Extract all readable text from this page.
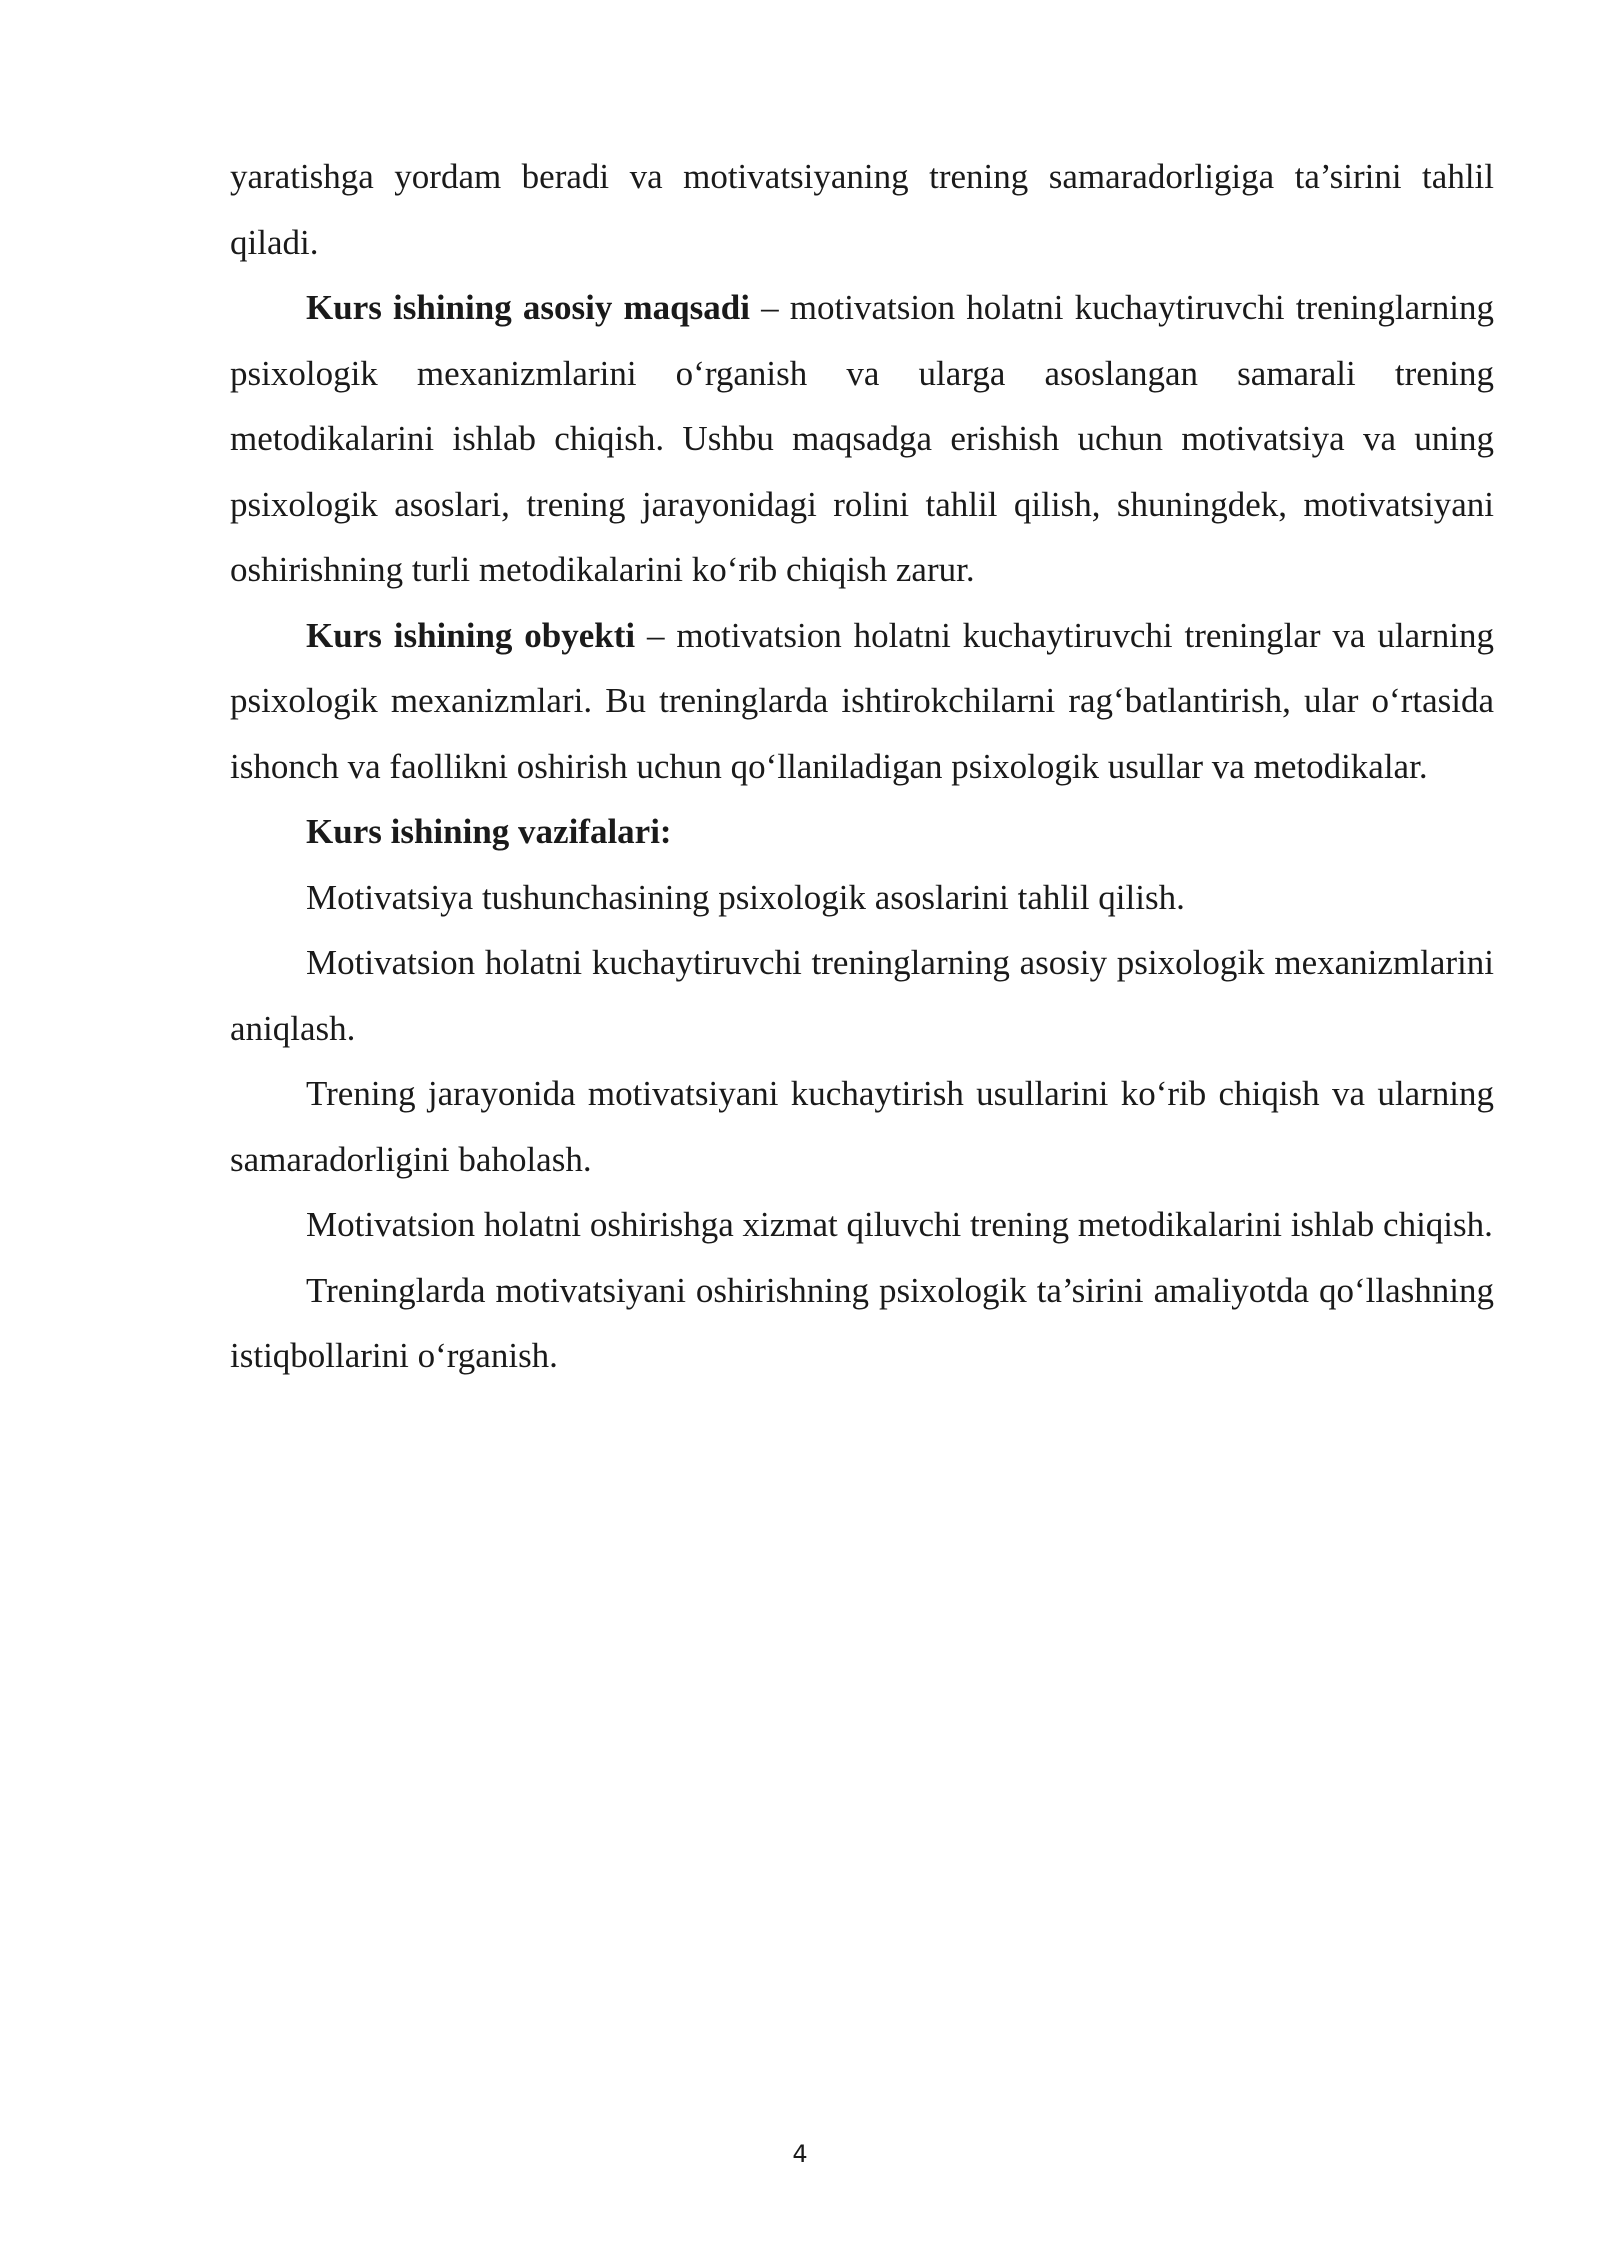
yaratishga yordam beradi va motivatsiyaning trening samaradorligiga ta’sirini tahlil qiladi.

Kurs ishining asosiy maqsadi – motivatsion holatni kuchaytiruvchi treninglarning psixologik mexanizmlarini o‘rganish va ularga asoslangan samarali trening metodikalarini ishlab chiqish. Ushbu maqsadga erishish uchun motivatsiya va uning psixologik asoslari, trening jarayonidagi rolini tahlil qilish, shuningdek, motivatsiyani oshirishning turli metodikalarini ko‘rib chiqish zarur.

Kurs ishining obyekti – motivatsion holatni kuchaytiruvchi treninglar va ularning psixologik mexanizmlari. Bu treninglarda ishtirokchilarni rag‘batlantirish, ular o‘rtasida ishonch va faollikni oshirish uchun qo‘llaniladigan psixologik usullar va metodikalar.

Kurs ishining vazifalari:

Motivatsiya tushunchasining psixologik asoslarini tahlil qilish.

Motivatsion holatni kuchaytiruvchi treninglarning asosiy psixologik mexanizmlarini aniqlash.

Trening jarayonida motivatsiyani kuchaytirish usullarini ko‘rib chiqish va ularning samaradorligini baholash.

Motivatsion holatni oshirishga xizmat qiluvchi trening metodikalarini ishlab chiqish.

Treninglarda motivatsiyani oshirishning psixologik ta’sirini amaliyotda qo‘llashning istiqbollarini o‘rganish.

4
